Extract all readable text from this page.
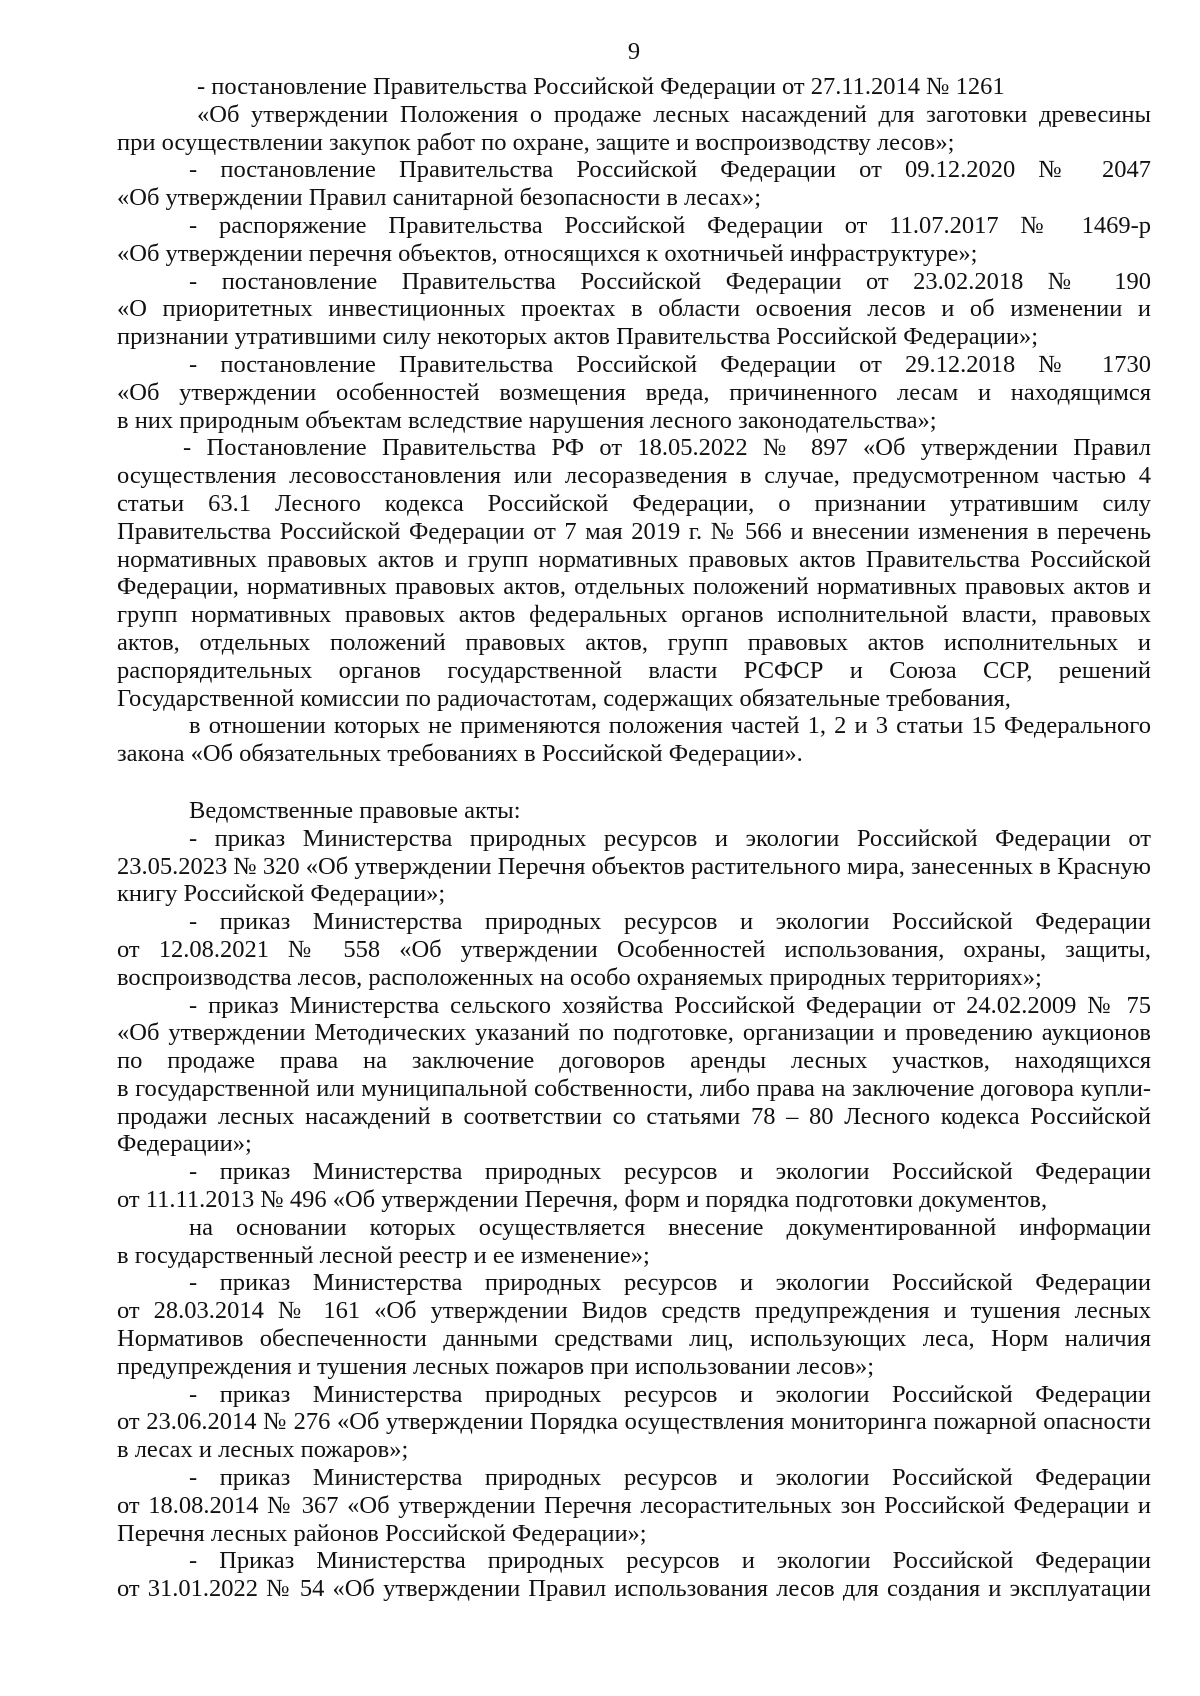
9
- постановление Правительства Российской Федерации от 27.11.2014 № 1261
«Об утверждении Положения о продаже лесных насаждений для заготовки древесины
при осуществлении закупок работ по охране, защите и воспроизводству лесов»;
- постановление Правительства Российской Федерации от 09.12.2020 № 2047
«Об утверждении Правил санитарной безопасности в лесах»;
- распоряжение Правительства Российской Федерации от 11.07.2017 № 1469-р
«Об утверждении перечня объектов, относящихся к охотничьей инфраструктуре»;
- постановление Правительства Российской Федерации от 23.02.2018 № 190
«О приоритетных инвестиционных проектах в области освоения лесов и об изменении и
признании утратившими силу некоторых актов Правительства Российской Федерации»;
- постановление Правительства Российской Федерации от 29.12.2018 № 1730
«Об утверждении особенностей возмещения вреда, причиненного лесам и находящимся
в них природным объектам вследствие нарушения лесного законодательства»;
- Постановление Правительства РФ от 18.05.2022 № 897 «Об утверждении Правил
осуществления лесовосстановления или лесоразведения в случае, предусмотренном частью 4
статьи 63.1 Лесного кодекса Российской Федерации, о признании утратившим силу
Правительства Российской Федерации от 7 мая 2019 г. № 566 и внесении изменения в перечень
нормативных правовых актов и групп нормативных правовых актов Правительства Российской
Федерации, нормативных правовых актов, отдельных положений нормативных правовых актов и
групп нормативных правовых актов федеральных органов исполнительной власти, правовых
актов, отдельных положений правовых актов, групп правовых актов исполнительных и
распорядительных органов государственной власти РСФСР и Союза ССР, решений
Государственной комиссии по радиочастотам, содержащих обязательные требования,
в отношении которых не применяются положения частей 1, 2 и 3 статьи 15 Федерального
закона «Об обязательных требованиях в Российской Федерации».
Ведомственные правовые акты:
- приказ Министерства природных ресурсов и экологии Российской Федерации от
23.05.2023 № 320 «Об утверждении Перечня объектов растительного мира, занесенных в Красную
книгу Российской Федерации»;
- приказ Министерства природных ресурсов и экологии Российской Федерации
от 12.08.2021 № 558 «Об утверждении Особенностей использования, охраны, защиты,
воспроизводства лесов, расположенных на особо охраняемых природных территориях»;
- приказ Министерства сельского хозяйства Российской Федерации от 24.02.2009 № 75
«Об утверждении Методических указаний по подготовке, организации и проведению аукционов
по продаже права на заключение договоров аренды лесных участков, находящихся
в государственной или муниципальной собственности, либо права на заключение договора купли-
продажи лесных насаждений в соответствии со статьями 78 – 80 Лесного кодекса Российской
Федерации»;
- приказ Министерства природных ресурсов и экологии Российской Федерации
от 11.11.2013 № 496 «Об утверждении Перечня, форм и порядка подготовки документов,
на основании которых осуществляется внесение документированной информации
в государственный лесной реестр и ее изменение»;
- приказ Министерства природных ресурсов и экологии Российской Федерации
от 28.03.2014 № 161 «Об утверждении Видов средств предупреждения и тушения лесных
Нормативов обеспеченности данными средствами лиц, использующих леса, Норм наличия
предупреждения и тушения лесных пожаров при использовании лесов»;
- приказ Министерства природных ресурсов и экологии Российской Федерации
от 23.06.2014 № 276 «Об утверждении Порядка осуществления мониторинга пожарной опасности
в лесах и лесных пожаров»;
- приказ Министерства природных ресурсов и экологии Российской Федерации
от 18.08.2014 № 367 «Об утверждении Перечня лесорастительных зон Российской Федерации и
Перечня лесных районов Российской Федерации»;
- Приказ Министерства природных ресурсов и экологии Российской Федерации
от 31.01.2022 № 54 «Об утверждении Правил использования лесов для создания и эксплуатации
